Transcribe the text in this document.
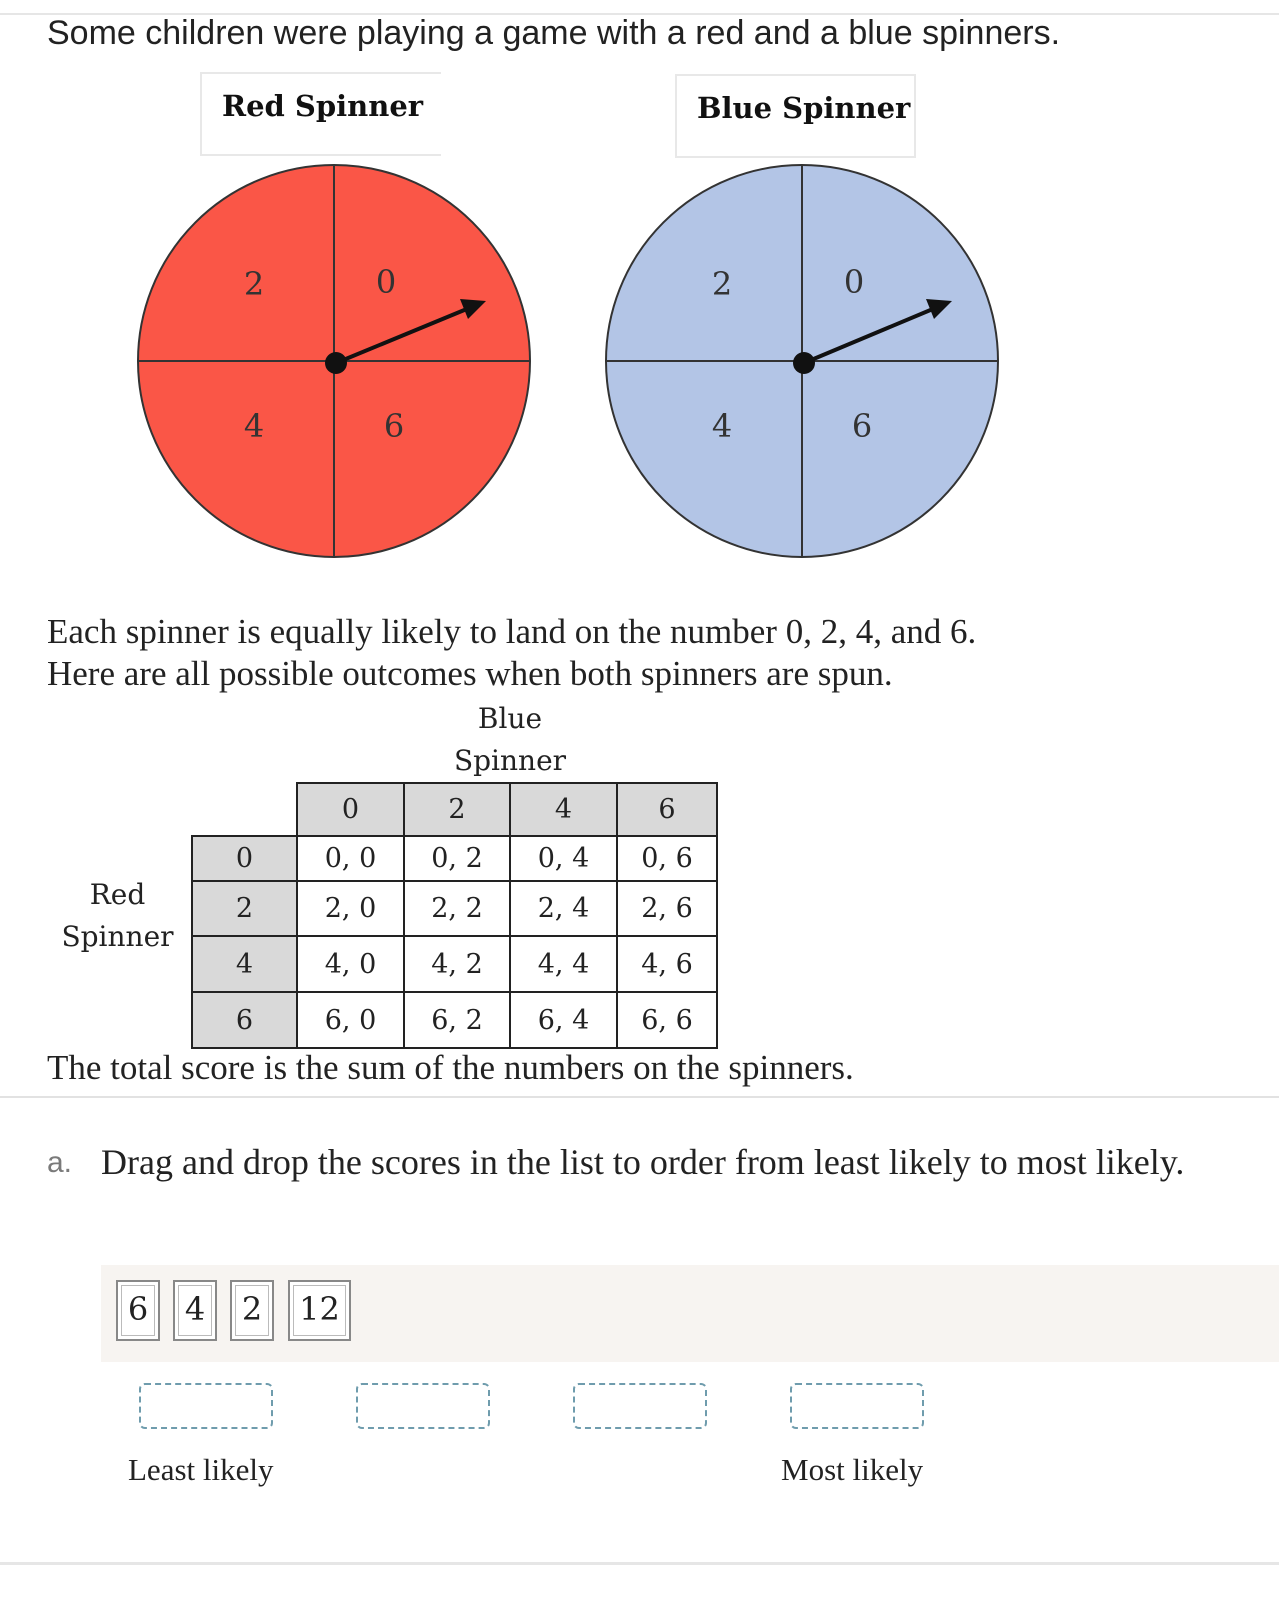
Some children were playing a game with a red and a blue spinners.
Red Spinner
2	0
4	6
Blue Spinner
2	0
4	6
Each spinner is equally likely to land on the number 0, 2, 4, and 6.
Here are all possible outcomes when both spinners are spun.
Blue
Spinner
Red
Spinner
	0	2	4	6
0	0, 0	0, 2	0, 4	0, 6
2	2, 0	2, 2	2, 4	2, 6
4	4, 0	4, 2	4, 4	4, 6
6	6, 0	6, 2	6, 4	6, 6
The total score is the sum of the numbers on the spinners.
a. Drag and drop the scores in the list to order from least likely to most likely.
6	4	2	12
Least likely	Most likely
